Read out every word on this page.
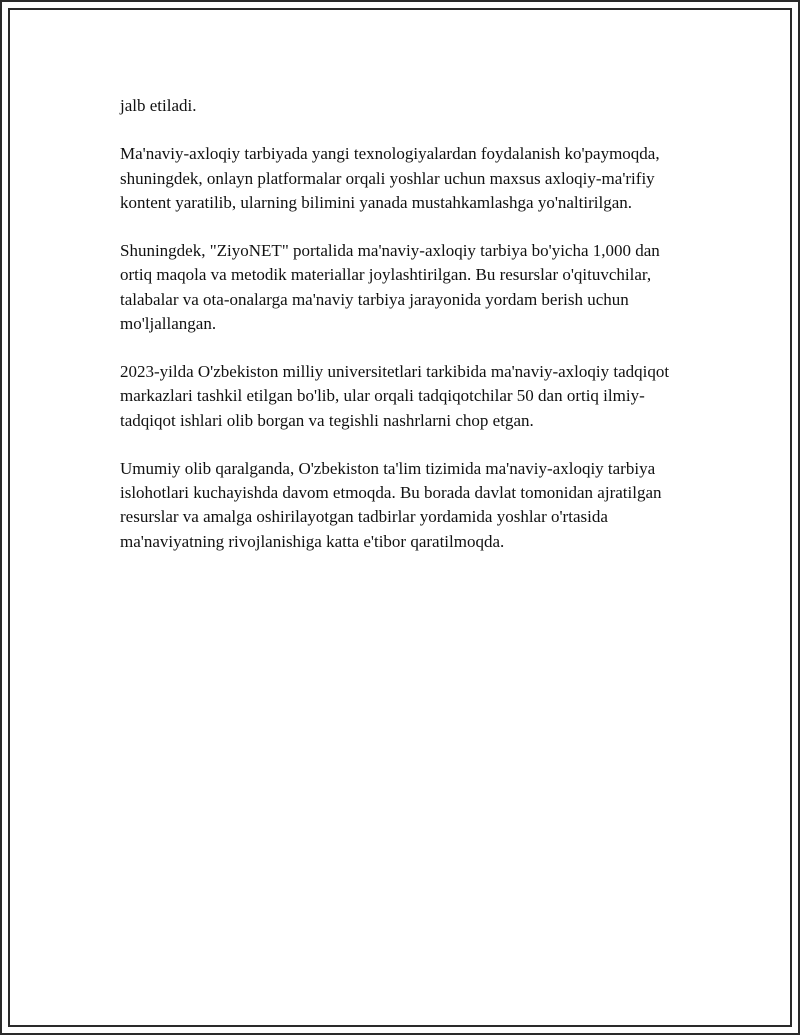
jalb etiladi.

Ma'naviy-axloqiy tarbiyada yangi texnologiyalardan foydalanish ko'paymoqda, shuningdek, onlayn platformalar orqali yoshlar uchun maxsus axloqiy-ma'rifiy kontent yaratilib, ularning bilimini yanada mustahkamlashga yo'naltirilgan.

Shuningdek, "ZiyoNET" portalida ma'naviy-axloqiy tarbiya bo'yicha 1,000 dan ortiq maqola va metodik materiallar joylashtirilgan. Bu resurslar o'qituvchilar, talabalar va ota-onalarga ma'naviy tarbiya jarayonida yordam berish uchun mo'ljallangan.

2023-yilda O'zbekiston milliy universitetlari tarkibida ma'naviy-axloqiy tadqiqot markazlari tashkil etilgan bo'lib, ular orqali tadqiqotchilar 50 dan ortiq ilmiy-tadqiqot ishlari olib borgan va tegishli nashrlarni chop etgan.

Umumiy olib qaralganda, O'zbekiston ta'lim tizimida ma'naviy-axloqiy tarbiya islohotlari kuchayishda davom etmoqda. Bu borada davlat tomonidan ajratilgan resurslar va amalga oshirilayotgan tadbirlar yordamida yoshlar o'rtasida ma'naviyatning rivojlanishiga katta e'tibor qaratilmoqda.
